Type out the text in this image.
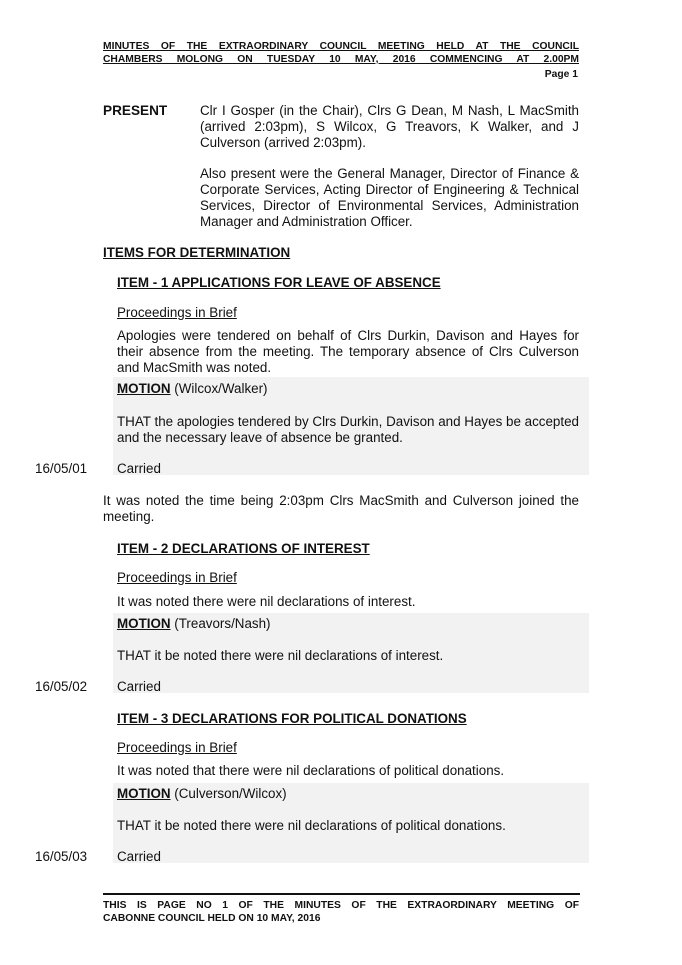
MINUTES OF THE EXTRAORDINARY COUNCIL MEETING HELD AT THE COUNCIL
CHAMBERS MOLONG ON TUESDAY 10 MAY, 2016 COMMENCING AT 2.00PM
Page 1
PRESENT Clr I Gosper (in the Chair), Clrs G Dean, M Nash, L MacSmith (arrived 2:03pm), S Wilcox, G Treavors, K Walker, and J Culverson (arrived 2:03pm).
Also present were the General Manager, Director of Finance & Corporate Services, Acting Director of Engineering & Technical Services, Director of Environmental Services, Administration Manager and Administration Officer.
ITEMS FOR DETERMINATION
ITEM - 1 APPLICATIONS FOR LEAVE OF ABSENCE
Proceedings in Brief
Apologies were tendered on behalf of Clrs Durkin, Davison and Hayes for their absence from the meeting. The temporary absence of Clrs Culverson and MacSmith was noted.
MOTION (Wilcox/Walker)
THAT the apologies tendered by Clrs Durkin, Davison and Hayes be accepted and the necessary leave of absence be granted.
16/05/01 Carried
It was noted the time being 2:03pm Clrs MacSmith and Culverson joined the meeting.
ITEM - 2 DECLARATIONS OF INTEREST
Proceedings in Brief
It was noted there were nil declarations of interest.
MOTION (Treavors/Nash)
THAT it be noted there were nil declarations of interest.
16/05/02 Carried
ITEM - 3 DECLARATIONS FOR POLITICAL DONATIONS
Proceedings in Brief
It was noted that there were nil declarations of political donations.
MOTION (Culverson/Wilcox)
THAT it be noted there were nil declarations of political donations.
16/05/03 Carried
THIS IS PAGE NO 1 OF THE MINUTES OF THE EXTRAORDINARY MEETING OF
CABONNE COUNCIL HELD ON 10 MAY, 2016
